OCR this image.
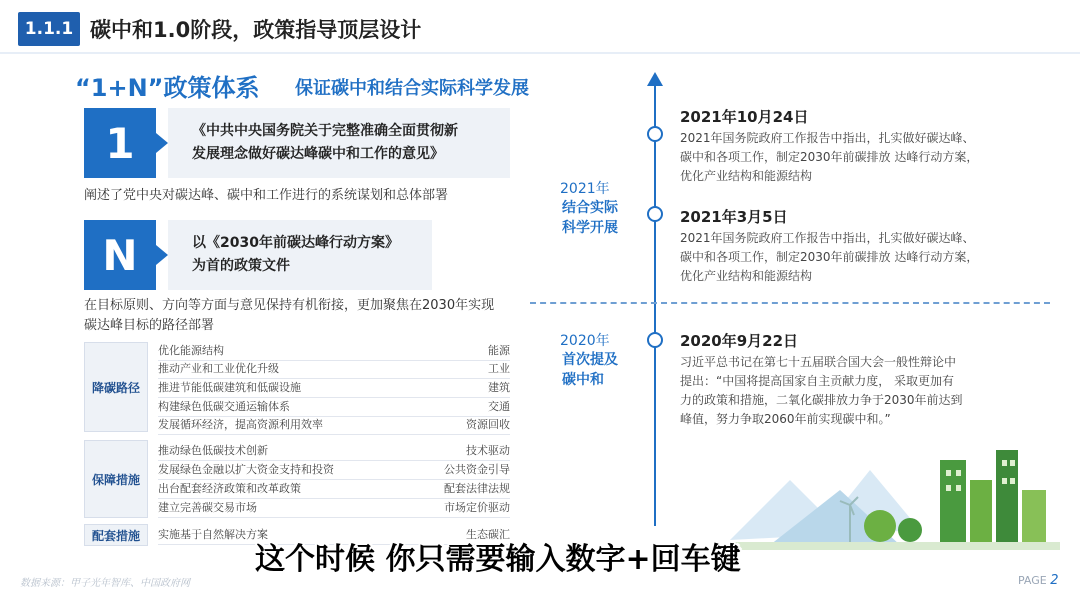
1.1.1 碳中和1.0阶段，政策指导顶层设计
“1+N”政策体系 保证碳中和结合实际科学发展
1	《中共中央国务院关于完整准确全面贯彻新
发展理念做好碳达峰碳中和工作的意见》
阐述了党中央对碳达峰、碳中和工作进行的系统谋划和总体部署
N	以《2030年前碳达峰行动方案》
为首的政策文件
在目标原则、方向等方面与意见保持有机衔接，更加聚焦在2030年实现
碳达峰目标的路径部署
降碳路径
优化能源结构	能源
推动产业和工业优化升级	工业
推进节能低碳建筑和低碳设施	建筑
构建绿色低碳交通运输体系	交通
发展循环经济，提高资源利用效率	资源回收
保障措施
推动绿色低碳技术创新	技术驱动
发展绿色金融以扩大资金支持和投资	公共资金引导
出台配套经济政策和改革政策	配套法律法规
建立完善碳交易市场	市场定价驱动
配套措施	实施基于自然解决方案	生态碳汇
2021年
结合实际
科学开展
2020年
首次提及
碳中和
2021年10月24日
2021年国务院政府工作报告中指出，扎实做好碳达峰、
碳中和各项工作，制定2030年前碳排放 达峰行动方案，
优化产业结构和能源结构
2021年3月5日
2021年国务院政府工作报告中指出，扎实做好碳达峰、
碳中和各项工作，制定2030年前碳排放 达峰行动方案，
优化产业结构和能源结构
2020年9月22日
习近平总书记在第七十五届联合国大会一般性辩论中
提出：“中国将提高国家自主贡献力度， 采取更加有
力的政策和措施，二氧化碳排放力争于2030年前达到
峰值，努力争取2060年前实现碳中和。”
数据来源：甲子光年智库、中国政府网	PAGE 2
这个时候 你只需要输入数字+回车键
